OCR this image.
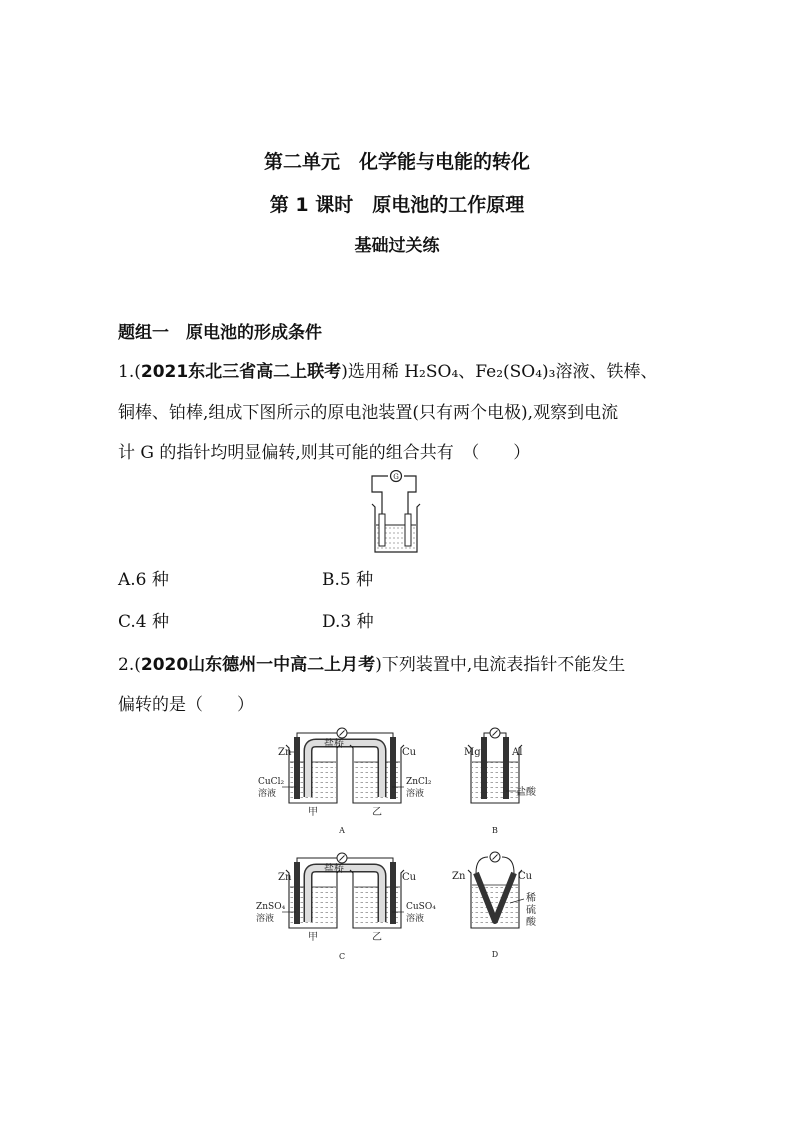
第二单元　化学能与电能的转化
第 1 课时　原电池的工作原理
基础过关练
题组一　原电池的形成条件
1.(2021东北三省高二上联考)选用稀 H₂SO₄、Fe₂(SO₄)₃溶液、铁棒、
铜棒、铂棒,组成下图所示的原电池装置(只有两个电极),观察到电流
计 G 的指针均明显偏转,则其可能的组合共有　（　　）
G
A.6 种	B.5 种
C.4 种	D.3 种
2.(2020山东德州一中高二上月考)下列装置中,电流表指针不能发生
偏转的是（　　）
Zn	Cu
盐桥
CuCl₂
溶液
ZnCl₂
溶液
甲	乙
A
Mg	Al
盐酸
B
Zn	Cu
盐桥
ZnSO₄
溶液
CuSO₄
溶液
甲	乙
C
Zn	Cu
稀
硫
酸
D
